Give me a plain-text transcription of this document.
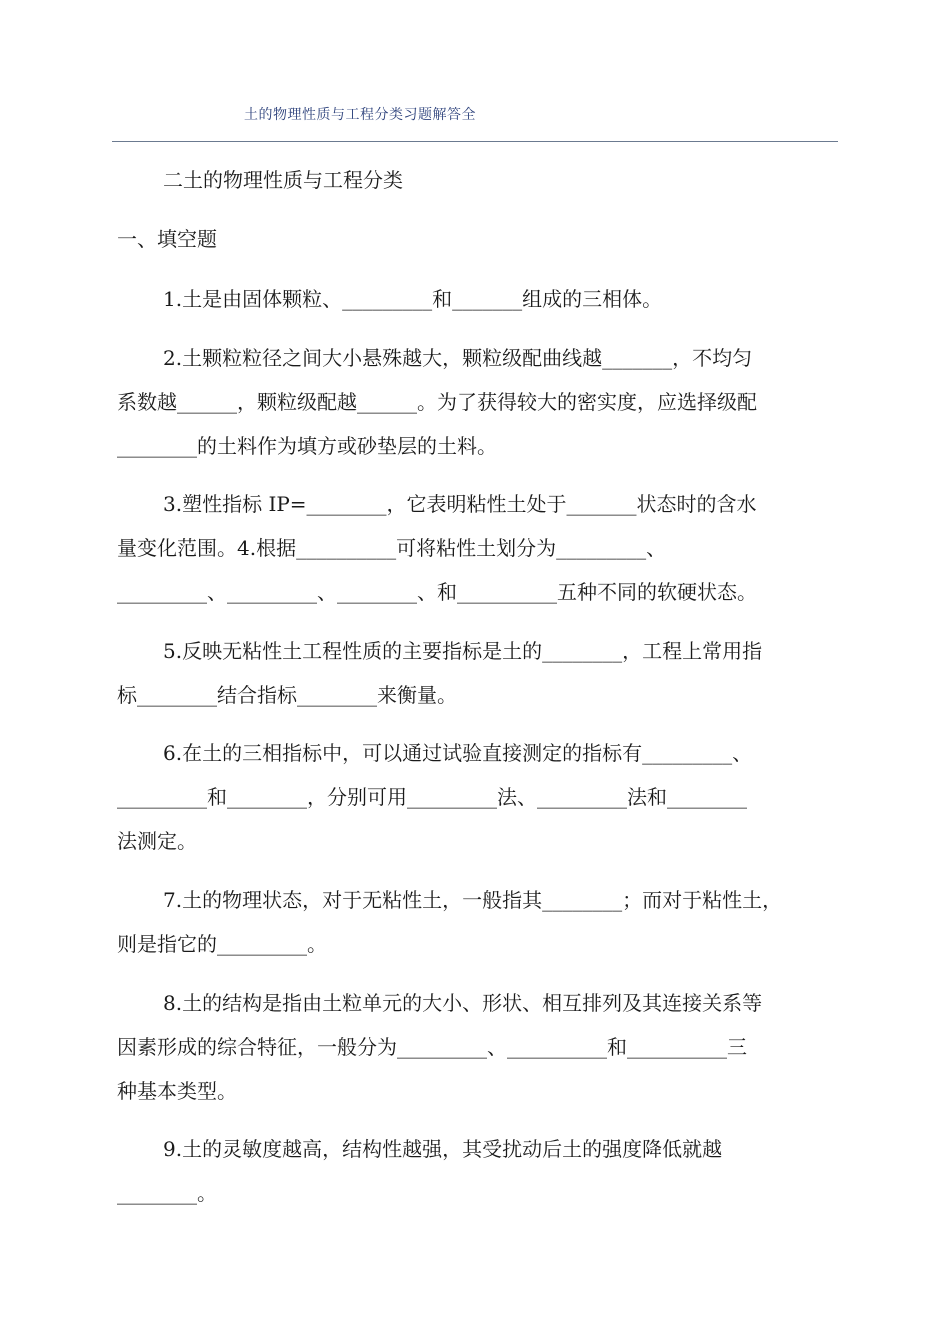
土的物理性质与工程分类习题解答全
二土的物理性质与工程分类
一、填空题
1.土是由固体颗粒、_________和_______组成的三相体。
2.土颗粒粒径之间大小悬殊越大，颗粒级配曲线越_______，不均匀
系数越______，颗粒级配越______。为了获得较大的密实度，应选择级配
________的土料作为填方或砂垫层的土料。
3.塑性指标 IP=________，它表明粘性土处于_______状态时的含水
量变化范围。4.根据__________可将粘性土划分为_________、
_________、_________、________、和__________五种不同的软硬状态。
5.反映无粘性土工程性质的主要指标是土的________，工程上常用指
标________结合指标________来衡量。
6.在土的三相指标中，可以通过试验直接测定的指标有_________、
_________和________，分别可用_________法、_________法和________
法测定。
7.土的物理状态，对于无粘性土，一般指其________；而对于粘性土，
则是指它的_________。
8.土的结构是指由土粒单元的大小、形状、相互排列及其连接关系等
因素形成的综合特征，一般分为_________、__________和__________三
种基本类型。
9.土的灵敏度越高，结构性越强，其受扰动后土的强度降低就越
________。
